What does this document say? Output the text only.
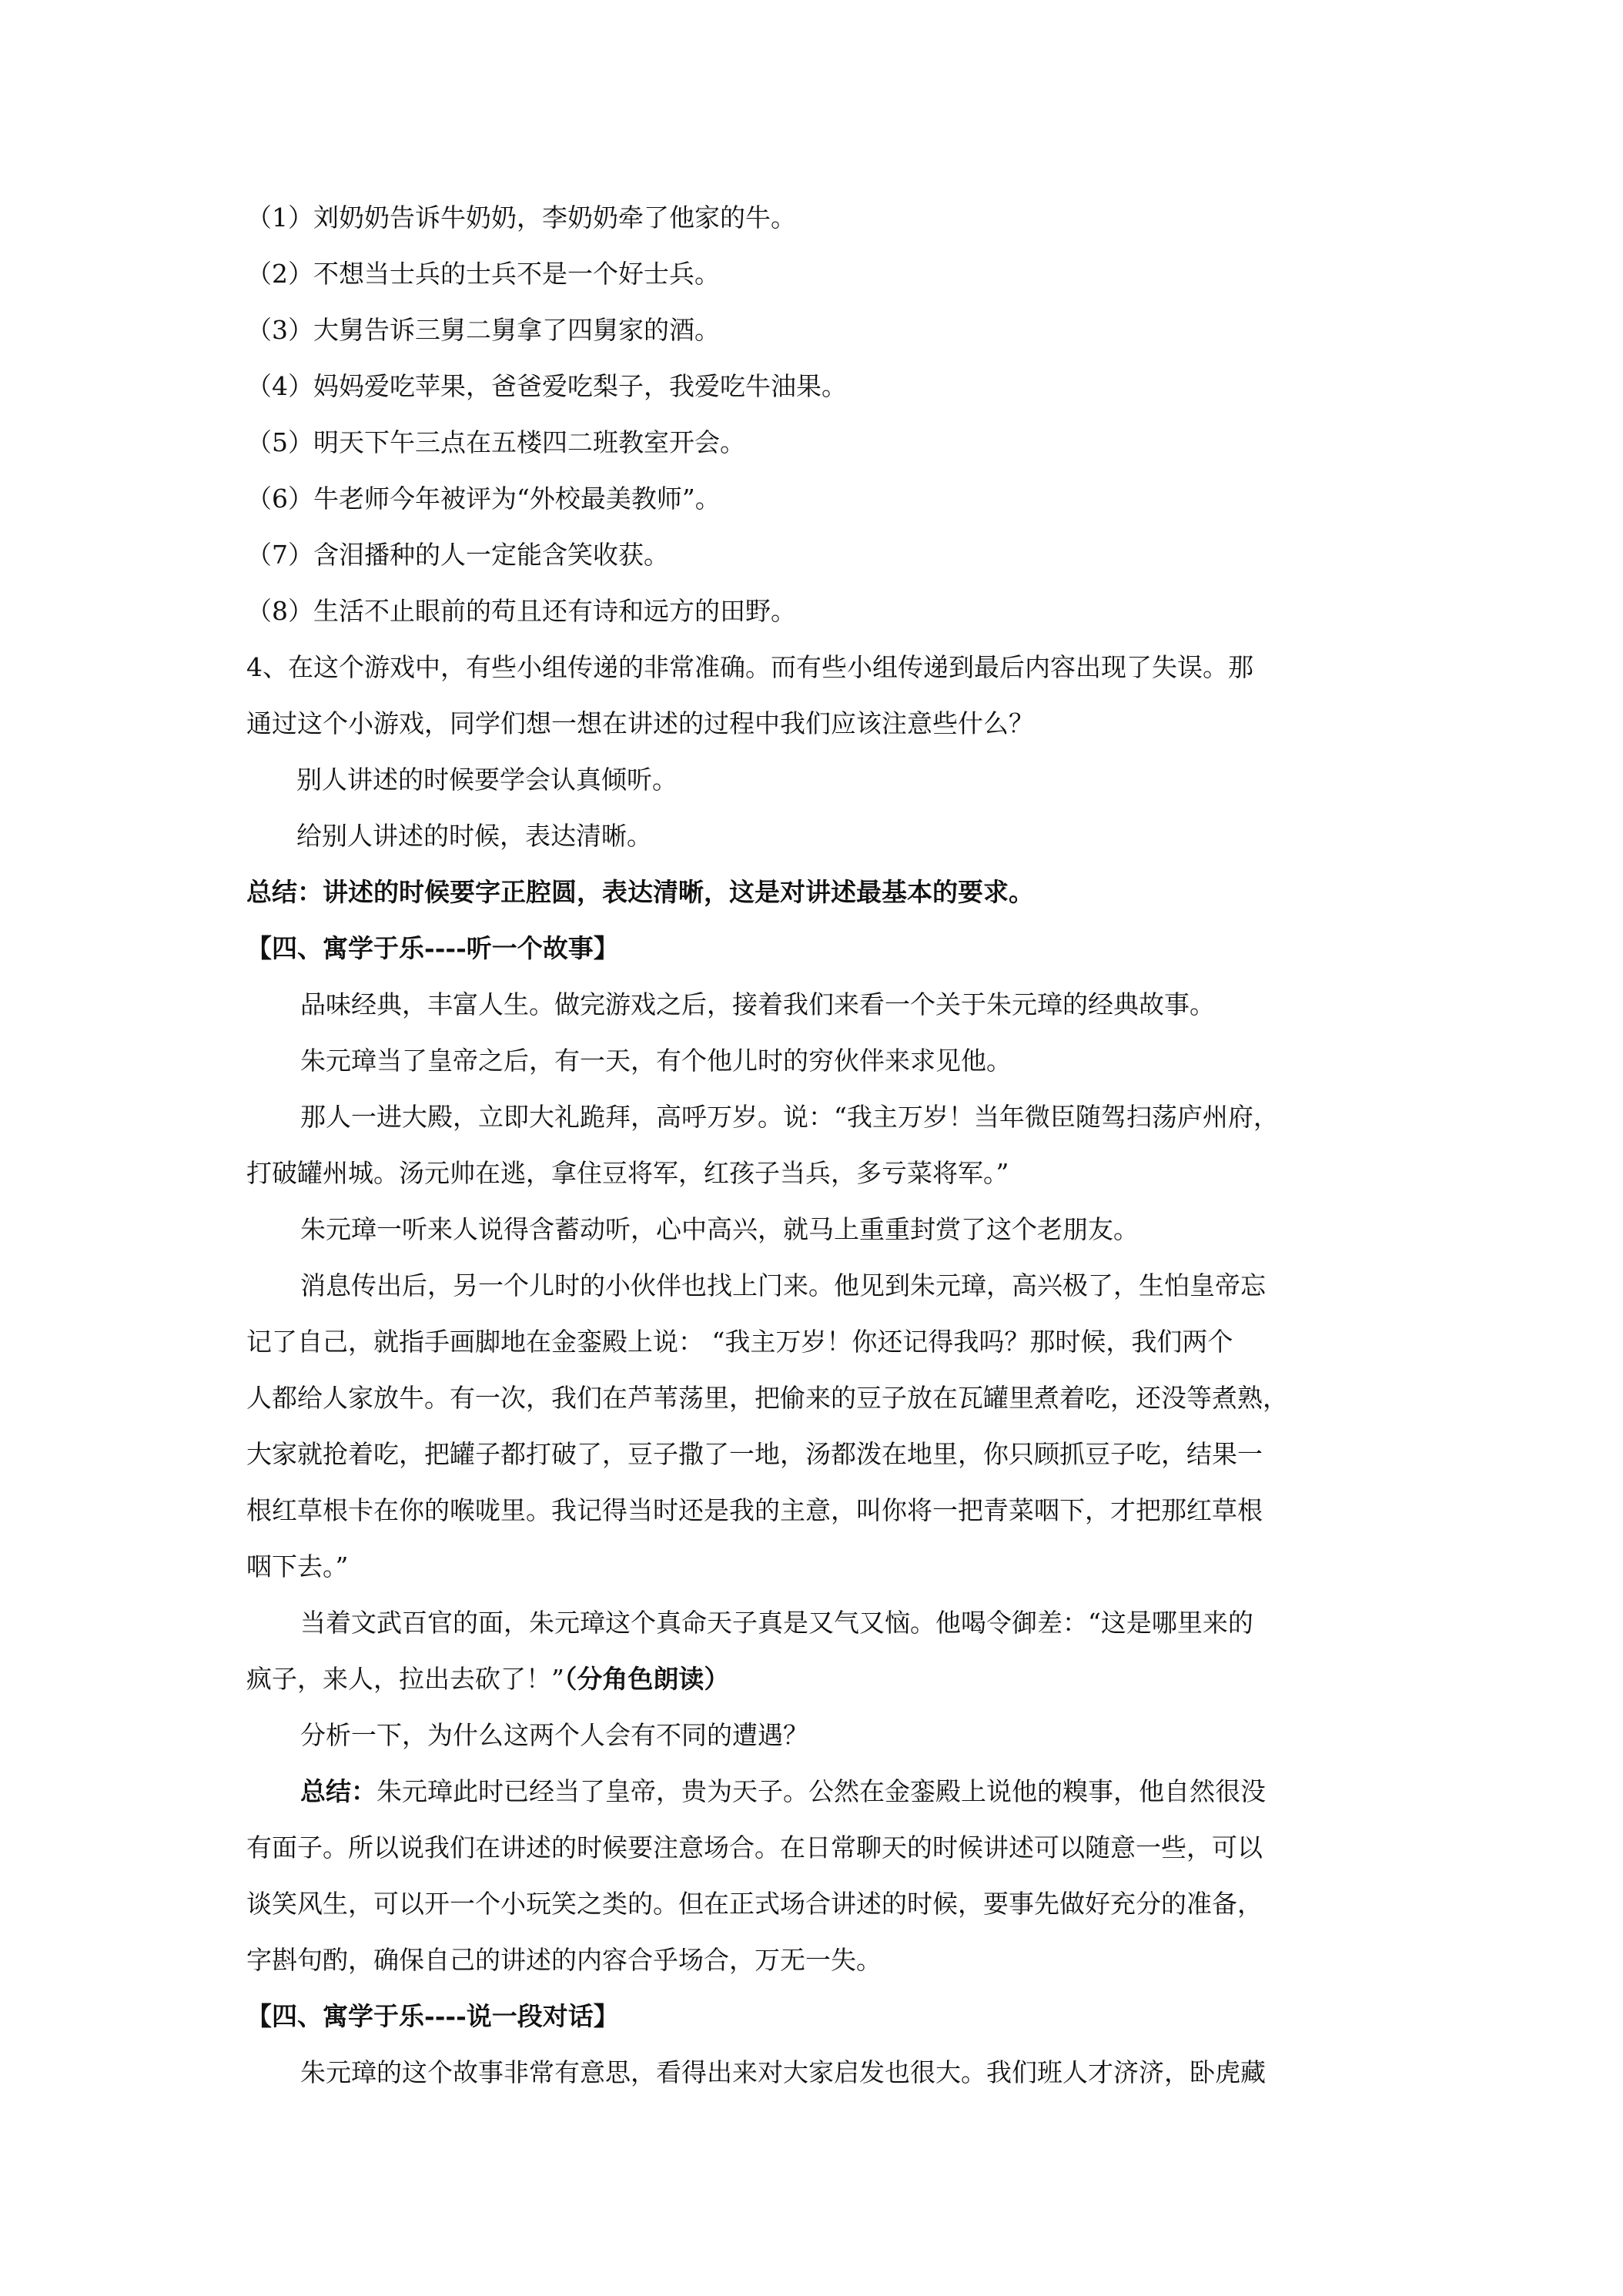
（1）刘奶奶告诉牛奶奶，李奶奶牵了他家的牛。
（2）不想当士兵的士兵不是一个好士兵。
（3）大舅告诉三舅二舅拿了四舅家的酒。
（4）妈妈爱吃苹果，爸爸爱吃梨子，我爱吃牛油果。
（5）明天下午三点在五楼四二班教室开会。
（6）牛老师今年被评为“外校最美教师”。
（7）含泪播种的人一定能含笑收获。
（8）生活不止眼前的苟且还有诗和远方的田野。
4、在这个游戏中，有些小组传递的非常准确。而有些小组传递到最后内容出现了失误。那
通过这个小游戏，同学们想一想在讲述的过程中我们应该注意些什么？
别人讲述的时候要学会认真倾听。
给别人讲述的时候，表达清晰。
总结：讲述的时候要字正腔圆，表达清晰，这是对讲述最基本的要求。
【四、寓学于乐----听一个故事】
品味经典，丰富人生。做完游戏之后，接着我们来看一个关于朱元璋的经典故事。
朱元璋当了皇帝之后，有一天，有个他儿时的穷伙伴来求见他。
那人一进大殿，立即大礼跪拜，高呼万岁。说：“我主万岁！当年微臣随驾扫荡庐州府，
打破罐州城。汤元帅在逃，拿住豆将军，红孩子当兵，多亏菜将军。”
朱元璋一听来人说得含蓄动听，心中高兴，就马上重重封赏了这个老朋友。
消息传出后，另一个儿时的小伙伴也找上门来。他见到朱元璋，高兴极了，生怕皇帝忘
记了自己，就指手画脚地在金銮殿上说： “我主万岁！你还记得我吗？那时候，我们两个
人都给人家放牛。有一次，我们在芦苇荡里，把偷来的豆子放在瓦罐里煮着吃，还没等煮熟，
大家就抢着吃，把罐子都打破了，豆子撒了一地，汤都泼在地里，你只顾抓豆子吃，结果一
根红草根卡在你的喉咙里。我记得当时还是我的主意，叫你将一把青菜咽下，才把那红草根
咽下去。”
当着文武百官的面，朱元璋这个真命天子真是又气又恼。他喝令御差：“这是哪里来的
疯子，来人，拉出去砍了！”（分角色朗读）
分析一下，为什么这两个人会有不同的遭遇？
总结：朱元璋此时已经当了皇帝，贵为天子。公然在金銮殿上说他的糗事，他自然很没
有面子。所以说我们在讲述的时候要注意场合。在日常聊天的时候讲述可以随意一些，可以
谈笑风生，可以开一个小玩笑之类的。但在正式场合讲述的时候，要事先做好充分的准备，
字斟句酌，确保自己的讲述的内容合乎场合，万无一失。
【四、寓学于乐----说一段对话】
朱元璋的这个故事非常有意思，看得出来对大家启发也很大。我们班人才济济，卧虎藏
